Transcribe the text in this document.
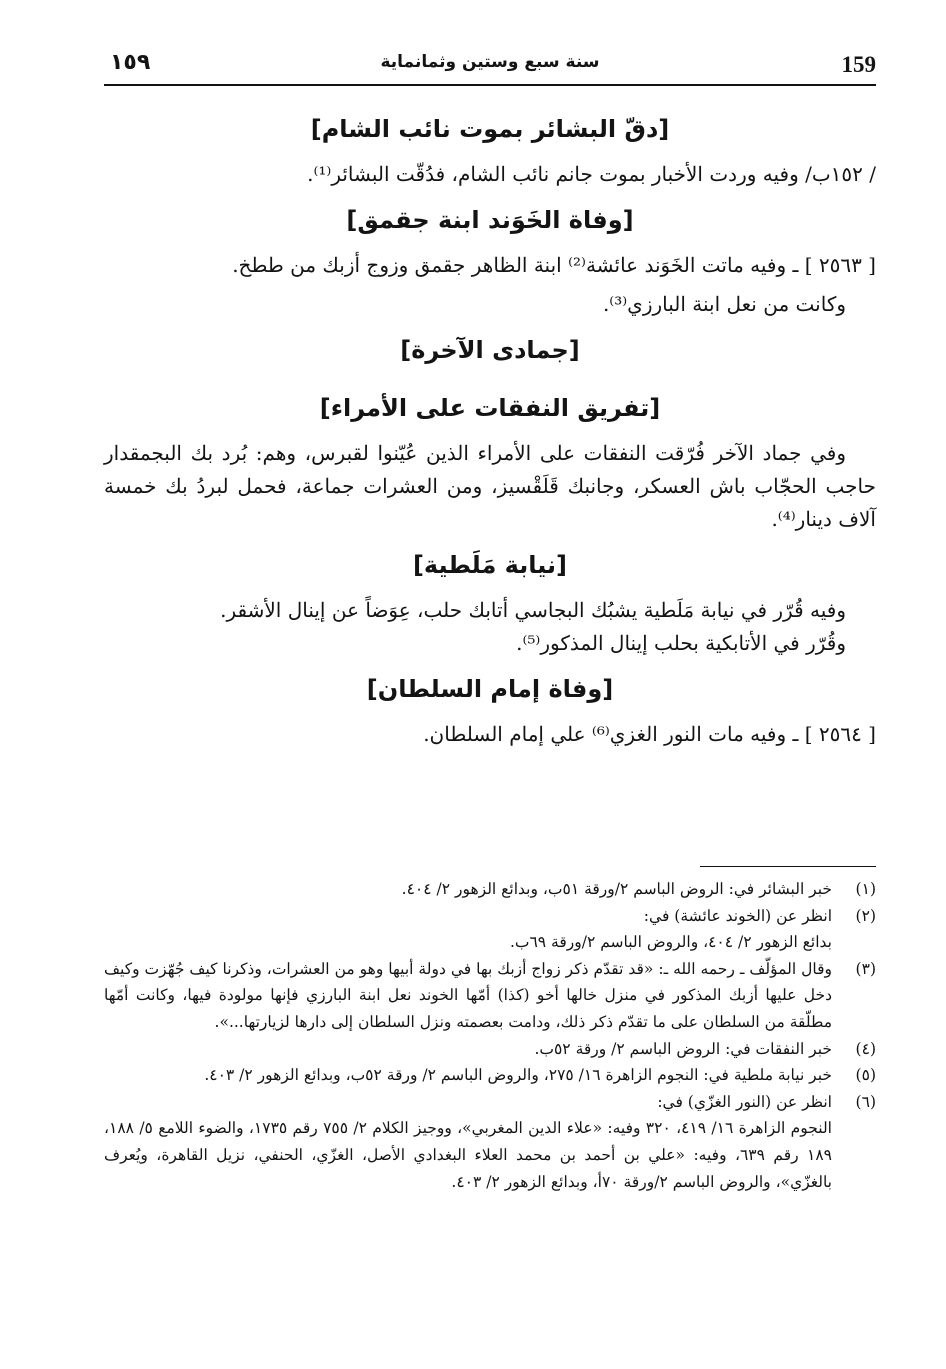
١٥٩	سنة سبع وستين وثمانماية	159
[دقّ البشائر بموت نائب الشام]

/ ١٥٢ب/ وفيه وردت الأخبار بموت جانم نائب الشام، فدُقّت البشائر⁽¹⁾.

[وفاة الخَوَند ابنة جقمق]

[ ٢٥٦٣ ] ـ وفيه ماتت الخَوَند عائشة⁽²⁾ ابنة الظاهر جقمق وزوج أزبك من ططخ.

وكانت من نعل ابنة البارزي⁽³⁾.

[جمادى الآخرة]
[تفريق النفقات على الأمراء]

وفي جماد الآخر فُرّقت النفقات على الأمراء الذين عُيّنوا لقبرس، وهم: بُرد بك البجمقدار حاجب الحجّاب باش العسكر، وجانبك قَلَقْسيز، ومن العشرات جماعة، فحمل لبردُ بك خمسة آلاف دينار⁽⁴⁾.

[نيابة مَلَطية]

وفيه قُرّر في نيابة مَلَطية يشبُك البجاسي أتابك حلب، عِوَضاً عن إينال الأشقر.

وقُرّر في الأتابكية بحلب إينال المذكور⁽⁵⁾.

[وفاة إمام السلطان]

[ ٢٥٦٤ ] ـ وفيه مات النور الغزي⁽⁶⁾ علي إمام السلطان.

(١)
خبر البشائر في: الروض الباسم ٢/ورقة ٥١ب، وبدائع الزهور ٢/ ٤٠٤.
(٢)
انظر عن (الخوند عائشة) في:
بدائع الزهور ٢/ ٤٠٤، والروض الباسم ٢/ورقة ٦٩ب.
(٣)
وقال المؤلّف ـ رحمه الله ـ: «قد تقدّم ذكر زواج أزبك بها في دولة أبيها وهو من العشرات، وذكرنا كيف جُهّزت وكيف دخل عليها أزبك المذكور في منزل خالها أخو (كذا) أمّها الخوند نعل ابنة البارزي فإنها مولودة فيها، وكانت أمّها مطلّقة من السلطان على ما تقدّم ذكر ذلك، ودامت بعصمته ونزل السلطان إلى دارها لزيارتها...».
(٤)
خبر النفقات في: الروض الباسم ٢/ ورقة ٥٢ب.
(٥)
خبر نيابة ملطية في: النجوم الزاهرة ١٦/ ٢٧٥، والروض الباسم ٢/ ورقة ٥٢ب، وبدائع الزهور ٢/ ٤٠٣.
(٦)
انظر عن (النور الغزّي) في:
النجوم الزاهرة ١٦/ ٤١٩، ٣٢٠ وفيه: «علاء الدين المغربي»، ووجيز الكلام ٢/ ٧٥٥ رقم ١٧٣٥، والضوء اللامع ٥/ ١٨٨، ١٨٩ رقم ٦٣٩، وفيه: «علي بن أحمد بن محمد العلاء البغدادي الأصل، الغزّي، الحنفي، نزيل القاهرة، ويُعرف بالغزّي»، والروض الباسم ٢/ورقة ٧٠أ، وبدائع الزهور ٢/ ٤٠٣.
